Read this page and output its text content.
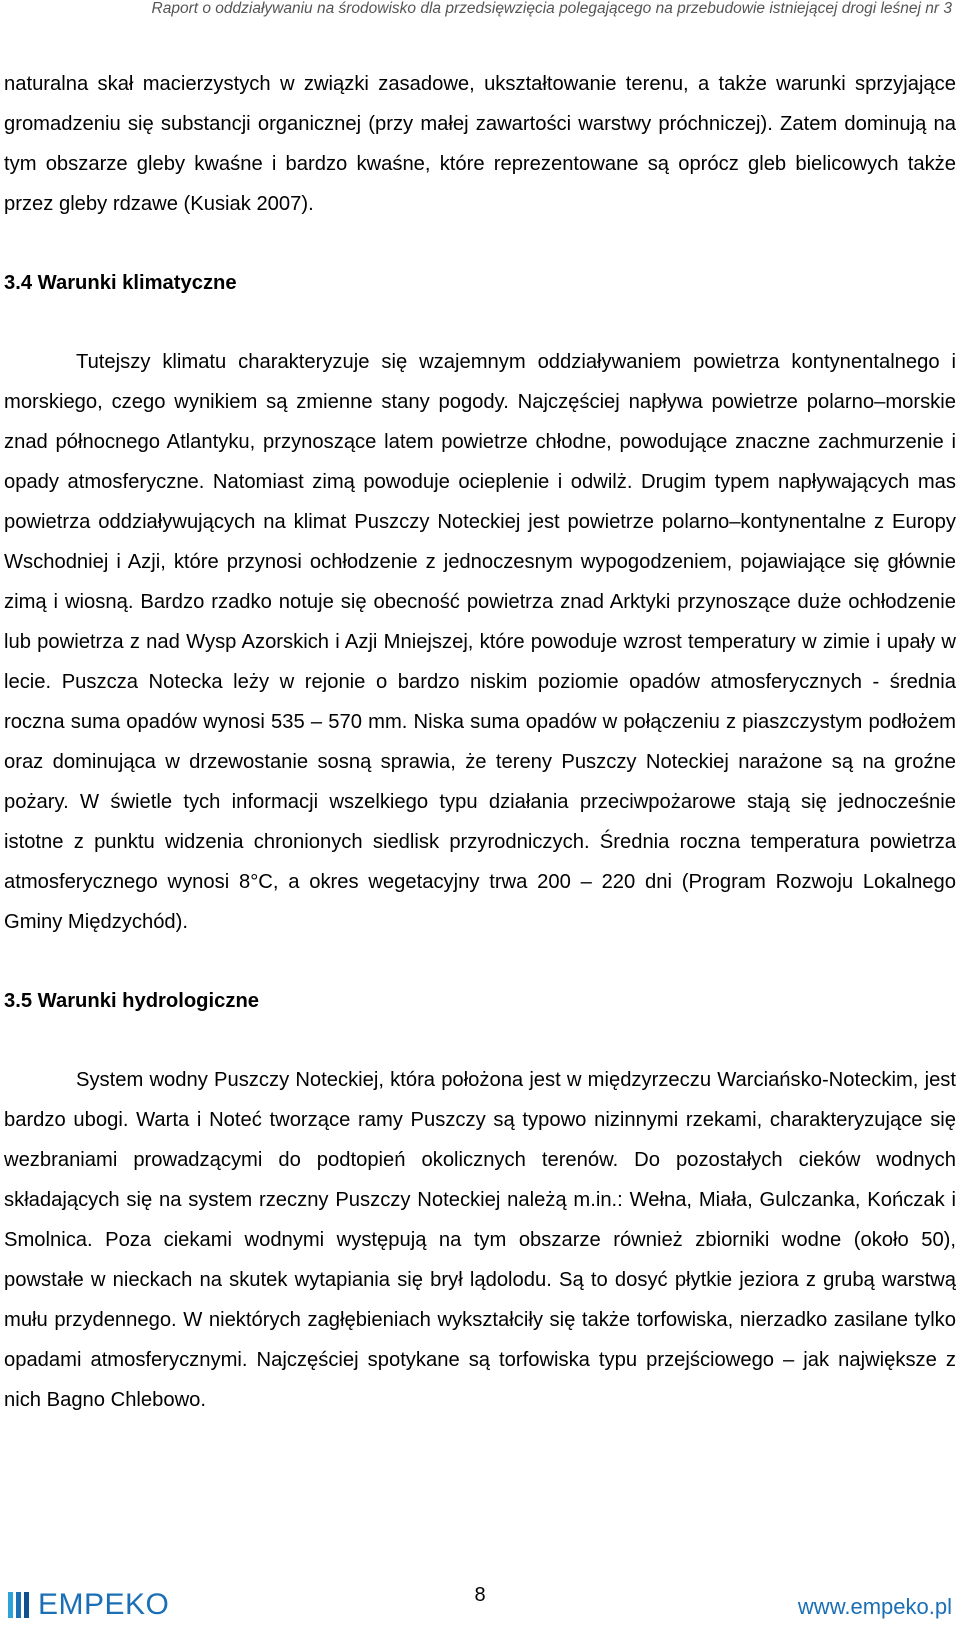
Raport o oddziaływaniu na środowisko dla przedsięwzięcia polegającego na przebudowie istniejącej drogi leśnej nr 3

naturalna skał macierzystych w związki zasadowe, ukształtowanie terenu, a także warunki sprzyjające gromadzeniu się substancji organicznej (przy małej zawartości warstwy próchniczej). Zatem dominują na tym obszarze gleby kwaśne i bardzo kwaśne, które reprezentowane są oprócz gleb bielicowych także przez gleby rdzawe (Kusiak 2007).

3.4 Warunki klimatyczne

Tutejszy klimatu charakteryzuje się wzajemnym oddziaływaniem powietrza kontynentalnego i morskiego, czego wynikiem są zmienne stany pogody. Najczęściej napływa powietrze polarno–morskie znad północnego Atlantyku, przynoszące latem powietrze chłodne, powodujące znaczne zachmurzenie i opady atmosferyczne. Natomiast zimą powoduje ocieplenie i odwilż. Drugim typem napływających mas powietrza oddziaływujących na klimat Puszczy Noteckiej jest powietrze polarno–kontynentalne z Europy Wschodniej i Azji, które przynosi ochłodzenie z jednoczesnym wypogodzeniem, pojawiające się głównie zimą i wiosną. Bardzo rzadko notuje się obecność powietrza znad Arktyki przynoszące duże ochłodzenie lub powietrza z nad Wysp Azorskich i Azji Mniejszej, które powoduje wzrost temperatury w zimie i upały w lecie. Puszcza Notecka leży w rejonie o bardzo niskim poziomie opadów atmosferycznych - średnia roczna suma opadów wynosi 535 – 570 mm. Niska suma opadów w połączeniu z piaszczystym podłożem oraz dominująca w drzewostanie sosną sprawia, że tereny Puszczy Noteckiej narażone są na groźne pożary. W świetle tych informacji wszelkiego typu działania przeciwpożarowe stają się jednocześnie istotne z punktu widzenia chronionych siedlisk przyrodniczych. Średnia roczna temperatura powietrza atmosferycznego wynosi 8°C, a okres wegetacyjny trwa 200 – 220 dni (Program Rozwoju Lokalnego Gminy Międzychód).

3.5 Warunki hydrologiczne

System wodny Puszczy Noteckiej, która położona jest w międzyrzeczu Warciańsko-Noteckim, jest bardzo ubogi. Warta i Noteć tworzące ramy Puszczy są typowo nizinnymi rzekami, charakteryzujące się wezbraniami prowadzącymi do podtopień okolicznych terenów. Do pozostałych cieków wodnych składających się na system rzeczny Puszczy Noteckiej należą m.in.: Wełna, Miała, Gulczanka, Kończak i Smolnica. Poza ciekami wodnymi występują na tym obszarze również zbiorniki wodne (około 50), powstałe w nieckach na skutek wytapiania się brył lądolodu. Są to dosyć płytkie jeziora z grubą warstwą mułu przydennego. W niektórych zagłębieniach wykształciły się także torfowiska, nierzadko zasilane tylko opadami atmosferycznymi. Najczęściej spotykane są torfowiska typu przejściowego – jak największe z nich Bagno Chlebowo.

EMPEKO	8	www.empeko.pl
